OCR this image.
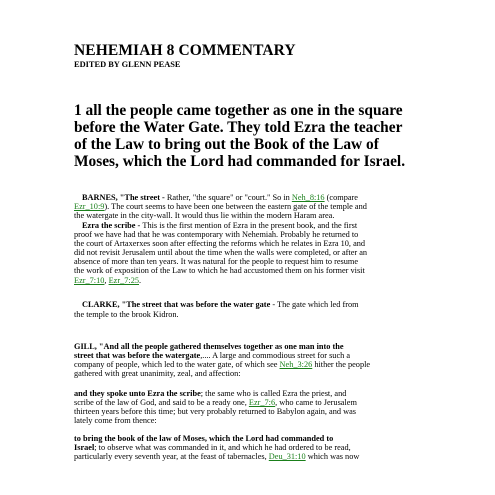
NEHEMIAH 8 COMMENTARY
EDITED BY GLENN PEASE
1 all the people came together as one in the square
before the Water Gate. They told Ezra the teacher
of the Law to bring out the Book of the Law of
Moses, which the Lord had commanded for Israel.
BARNES, "The street - Rather, "the square" or "court." So in Neh_8:16 (compare
Ezr_10:9). The court seems to have been one between the eastern gate of the temple and
the watergate in the city-wall. It would thus lie within the modern Haram area.
Ezra the scribe - This is the first mention of Ezra in the present book, and the first
proof we have had that he was contemporary with Nehemiah. Probably he returned to
the court of Artaxerxes soon after effecting the reforms which he relates in Ezra 10, and
did not revisit Jerusalem until about the time when the walls were completed, or after an
absence of more than ten years. It was natural for the people to request him to resume
the work of exposition of the Law to which he had accustomed them on his former visit
Ezr_7:10, Ezr_7:25.
CLARKE, "The street that was before the water gate - The gate which led from
the temple to the brook Kidron.
GILL, "And all the people gathered themselves together as one man into the
street that was before the watergate,.... A large and commodious street for such a
company of people, which led to the water gate, of which see Neh_3:26 hither the people
gathered with great unanimity, zeal, and affection:
and they spoke unto Ezra the scribe; the same who is called Ezra the priest, and
scribe of the law of God, and said to be a ready one, Ezr_7:6, who came to Jerusalem
thirteen years before this time; but very probably returned to Babylon again, and was
lately come from thence:
to bring the book of the law of Moses, which the Lord had commanded to
Israel; to observe what was commanded in it, and which he had ordered to be read,
particularly every seventh year, at the feast of tabernacles, Deu_31:10 which was now
